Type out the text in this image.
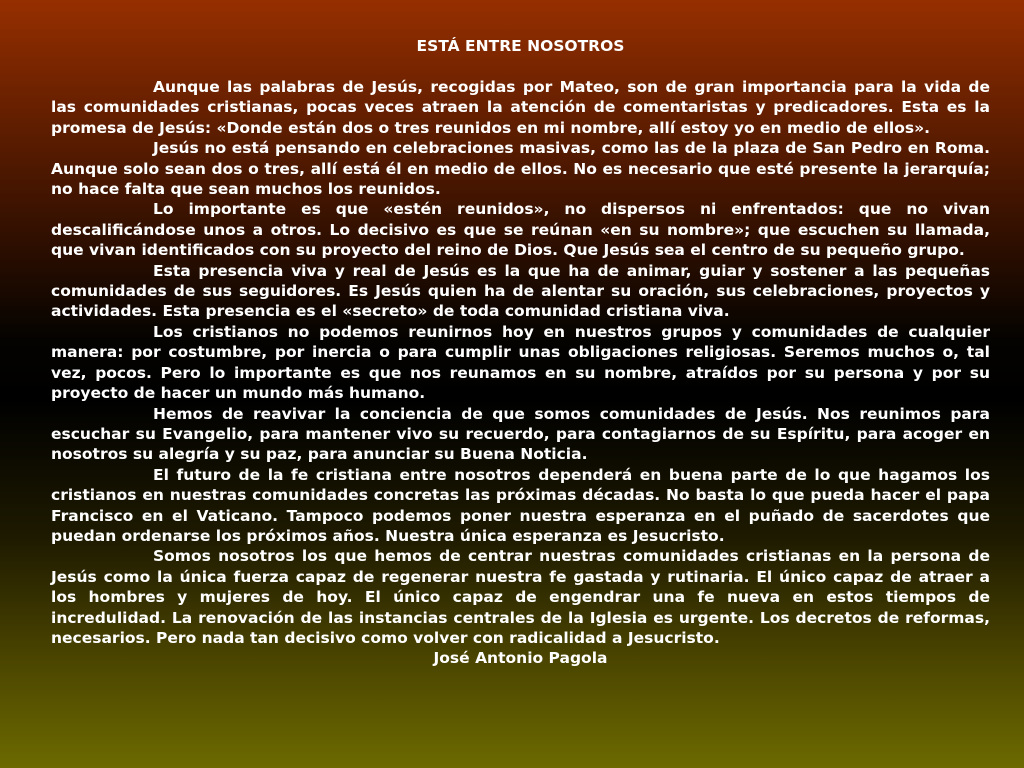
ESTÁ ENTRE NOSOTROS

Aunque las palabras de Jesús, recogidas por Mateo, son de gran importancia para la vida de las comunidades cristianas, pocas veces atraen la atención de comentaristas y predicadores. Esta es la promesa de Jesús: «Donde están dos o tres reunidos en mi nombre, allí estoy yo en medio de ellos».

Jesús no está pensando en celebraciones masivas, como las de la plaza de San Pedro en Roma. Aunque solo sean dos o tres, allí está él en medio de ellos. No es necesario que esté presente la jerarquía; no hace falta que sean muchos los reunidos.

Lo importante es que «estén reunidos», no dispersos ni enfrentados: que no vivan descalificándose unos a otros. Lo decisivo es que se reúnan «en su nombre»; que escuchen su llamada, que vivan identificados con su proyecto del reino de Dios. Que Jesús sea el centro de su pequeño grupo.

Esta presencia viva y real de Jesús es la que ha de animar, guiar y sostener a las pequeñas comunidades de sus seguidores. Es Jesús quien ha de alentar su oración, sus celebraciones, proyectos y actividades. Esta presencia es el «secreto» de toda comunidad cristiana viva.

Los cristianos no podemos reunirnos hoy en nuestros grupos y comunidades de cualquier manera: por costumbre, por inercia o para cumplir unas obligaciones religiosas. Seremos muchos o, tal vez, pocos. Pero lo importante es que nos reunamos en su nombre, atraídos por su persona y por su proyecto de hacer un mundo más humano.

Hemos de reavivar la conciencia de que somos comunidades de Jesús. Nos reunimos para escuchar su Evangelio, para mantener vivo su recuerdo, para contagiarnos de su Espíritu, para acoger en nosotros su alegría y su paz, para anunciar su Buena Noticia.

El futuro de la fe cristiana entre nosotros dependerá en buena parte de lo que hagamos los cristianos en nuestras comunidades concretas las próximas décadas. No basta lo que pueda hacer el papa Francisco en el Vaticano. Tampoco podemos poner nuestra esperanza en el puñado de sacerdotes que puedan ordenarse los próximos años. Nuestra única esperanza es Jesucristo.

Somos nosotros los que hemos de centrar nuestras comunidades cristianas en la persona de Jesús como la única fuerza capaz de regenerar nuestra fe gastada y rutinaria. El único capaz de atraer a los hombres y mujeres de hoy. El único capaz de engendrar una fe nueva en estos tiempos de incredulidad. La renovación de las instancias centrales de la Iglesia es urgente. Los decretos de reformas, necesarios. Pero nada tan decisivo como volver con radicalidad a Jesucristo.

José Antonio Pagola
